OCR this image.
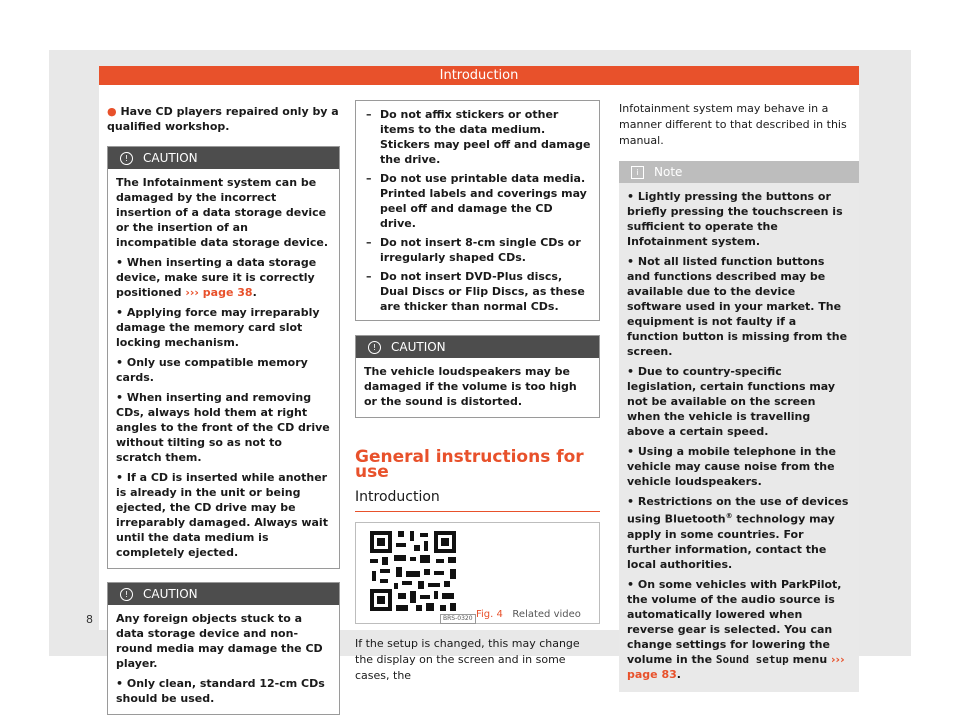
Introduction
8

● Have CD players repaired only by a qualified workshop.

! CAUTION

The Infotainment system can be damaged by the incorrect insertion of a data storage device or the insertion of an incompatible data storage device.

• When inserting a data storage device, make sure it is correctly positioned ››› page 38.

• Applying force may irreparably damage the memory card slot locking mechanism.

• Only use compatible memory cards.

• When inserting and removing CDs, always hold them at right angles to the front of the CD drive without tilting so as not to scratch them.

• If a CD is inserted while another is already in the unit or being ejected, the CD drive may be irreparably damaged. Always wait until the data medium is completely ejected.

! CAUTION

Any foreign objects stuck to a data storage device and non-round media may damage the CD player.

• Only clean, standard 12-cm CDs should be used.

– Do not affix stickers or other items to the data medium. Stickers may peel off and damage the drive.
– Do not use printable data media. Printed labels and coverings may peel off and damage the CD drive.
– Do not insert 8-cm single CDs or irregularly shaped CDs.
– Do not insert DVD-Plus discs, Dual Discs or Flip Discs, as these are thicker than normal CDs.
! CAUTION

The vehicle loudspeakers may be damaged if the volume is too high or the sound is distorted.

General instructions for use
Introduction
BRS-0320 Fig. 4 Related video

If the setup is changed, this may change the display on the screen and in some cases, the

Infotainment system may behave in a manner different to that described in this manual.

i Note

• Lightly pressing the buttons or briefly pressing the touchscreen is sufficient to operate the Infotainment system.

• Not all listed function buttons and functions described may be available due to the device software used in your market. The equipment is not faulty if a function button is missing from the screen.

• Due to country-specific legislation, certain functions may not be available on the screen when the vehicle is travelling above a certain speed.

• Using a mobile telephone in the vehicle may cause noise from the vehicle loudspeakers.

• Restrictions on the use of devices using Bluetooth® technology may apply in some countries. For further information, contact the local authorities.

• On some vehicles with ParkPilot, the volume of the audio source is automatically lowered when reverse gear is selected. You can change settings for lowering the volume in the Sound setup menu ››› page 83.
